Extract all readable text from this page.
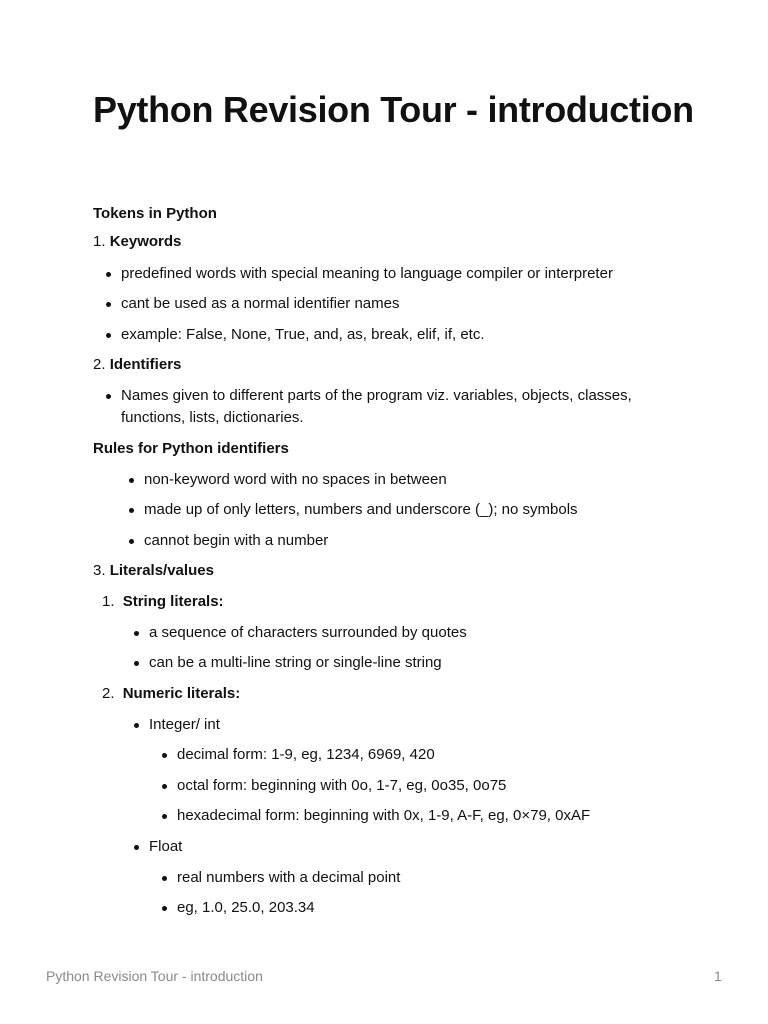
Python Revision Tour - introduction
Tokens in Python
1. Keywords
predefined words with special meaning to language compiler or interpreter
cant be used as a normal identifier names
example: False, None, True, and, as, break, elif, if, etc.
2. Identifiers
Names given to different parts of the program viz. variables, objects, classes, functions, lists, dictionaries.
Rules for Python identifiers
non-keyword word with no spaces in between
made up of only letters, numbers and underscore (_); no symbols
cannot begin with a number
3. Literals/values
1. String literals:
a sequence of characters surrounded by quotes
can be a multi-line string or single-line string
2. Numeric literals:
Integer/ int
decimal form: 1-9, eg, 1234, 6969, 420
octal form: beginning with 0o, 1-7, eg, 0o35, 0o75
hexadecimal form: beginning with 0x, 1-9, A-F, eg, 0×79, 0xAF
Float
real numbers with a decimal point
eg, 1.0, 25.0, 203.34
Python Revision Tour - introduction	1
